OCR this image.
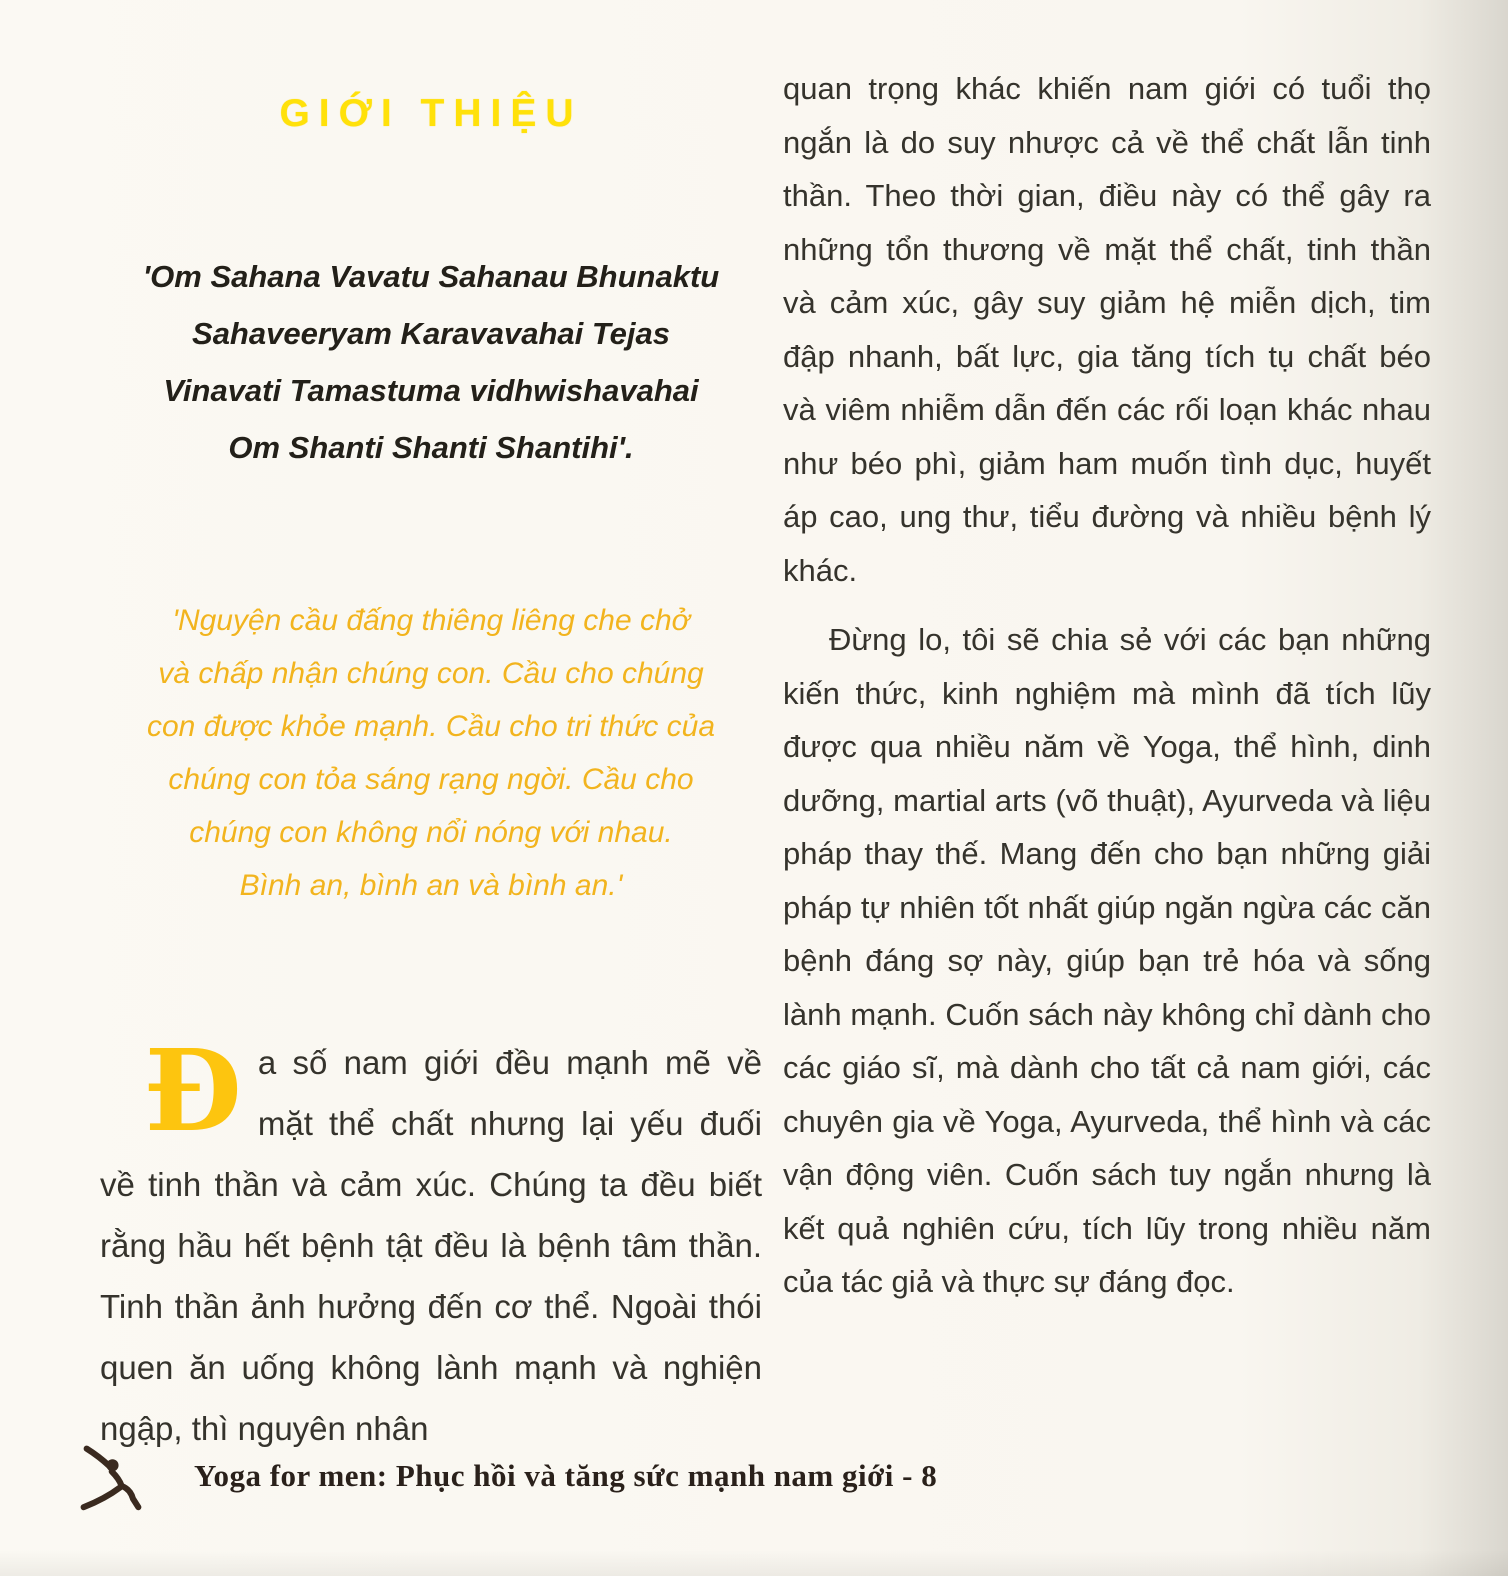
GIỚI THIỆU
'Om Sahana Vavatu Sahanau Bhunaktu
Sahaveeryam Karavavahai Tejas
Vinavati Tamastuma vidhwishavahai
Om Shanti Shanti Shantihi'.
'Nguyện cầu đấng thiêng liêng che chở
và chấp nhận chúng con. Cầu cho chúng
con được khỏe mạnh. Cầu cho tri thức của
chúng con tỏa sáng rạng ngời. Cầu cho
chúng con không nổi nóng với nhau.
Bình an, bình an và bình an.'

Đa số nam giới đều mạnh mẽ về mặt thể chất nhưng lại yếu đuối về tinh thần và cảm xúc. Chúng ta đều biết rằng hầu hết bệnh tật đều là bệnh tâm thần. Tinh thần ảnh hưởng đến cơ thể. Ngoài thói quen ăn uống không lành mạnh và nghiện ngập, thì nguyên nhân

quan trọng khác khiến nam giới có tuổi thọ ngắn là do suy nhược cả về thể chất lẫn tinh thần. Theo thời gian, điều này có thể gây ra những tổn thương về mặt thể chất, tinh thần và cảm xúc, gây suy giảm hệ miễn dịch, tim đập nhanh, bất lực, gia tăng tích tụ chất béo và viêm nhiễm dẫn đến các rối loạn khác nhau như béo phì, giảm ham muốn tình dục, huyết áp cao, ung thư, tiểu đường và nhiều bệnh lý khác.

Đừng lo, tôi sẽ chia sẻ với các bạn những kiến thức, kinh nghiệm mà mình đã tích lũy được qua nhiều năm về Yoga, thể hình, dinh dưỡng, martial arts (võ thuật), Ayurveda và liệu pháp thay thế. Mang đến cho bạn những giải pháp tự nhiên tốt nhất giúp ngăn ngừa các căn bệnh đáng sợ này, giúp bạn trẻ hóa và sống lành mạnh. Cuốn sách này không chỉ dành cho các giáo sĩ, mà dành cho tất cả nam giới, các chuyên gia về Yoga, Ayurveda, thể hình và các vận động viên. Cuốn sách tuy ngắn nhưng là kết quả nghiên cứu, tích lũy trong nhiều năm của tác giả và thực sự đáng đọc.

Yoga for men: Phục hồi và tăng sức mạnh nam giới - 8
